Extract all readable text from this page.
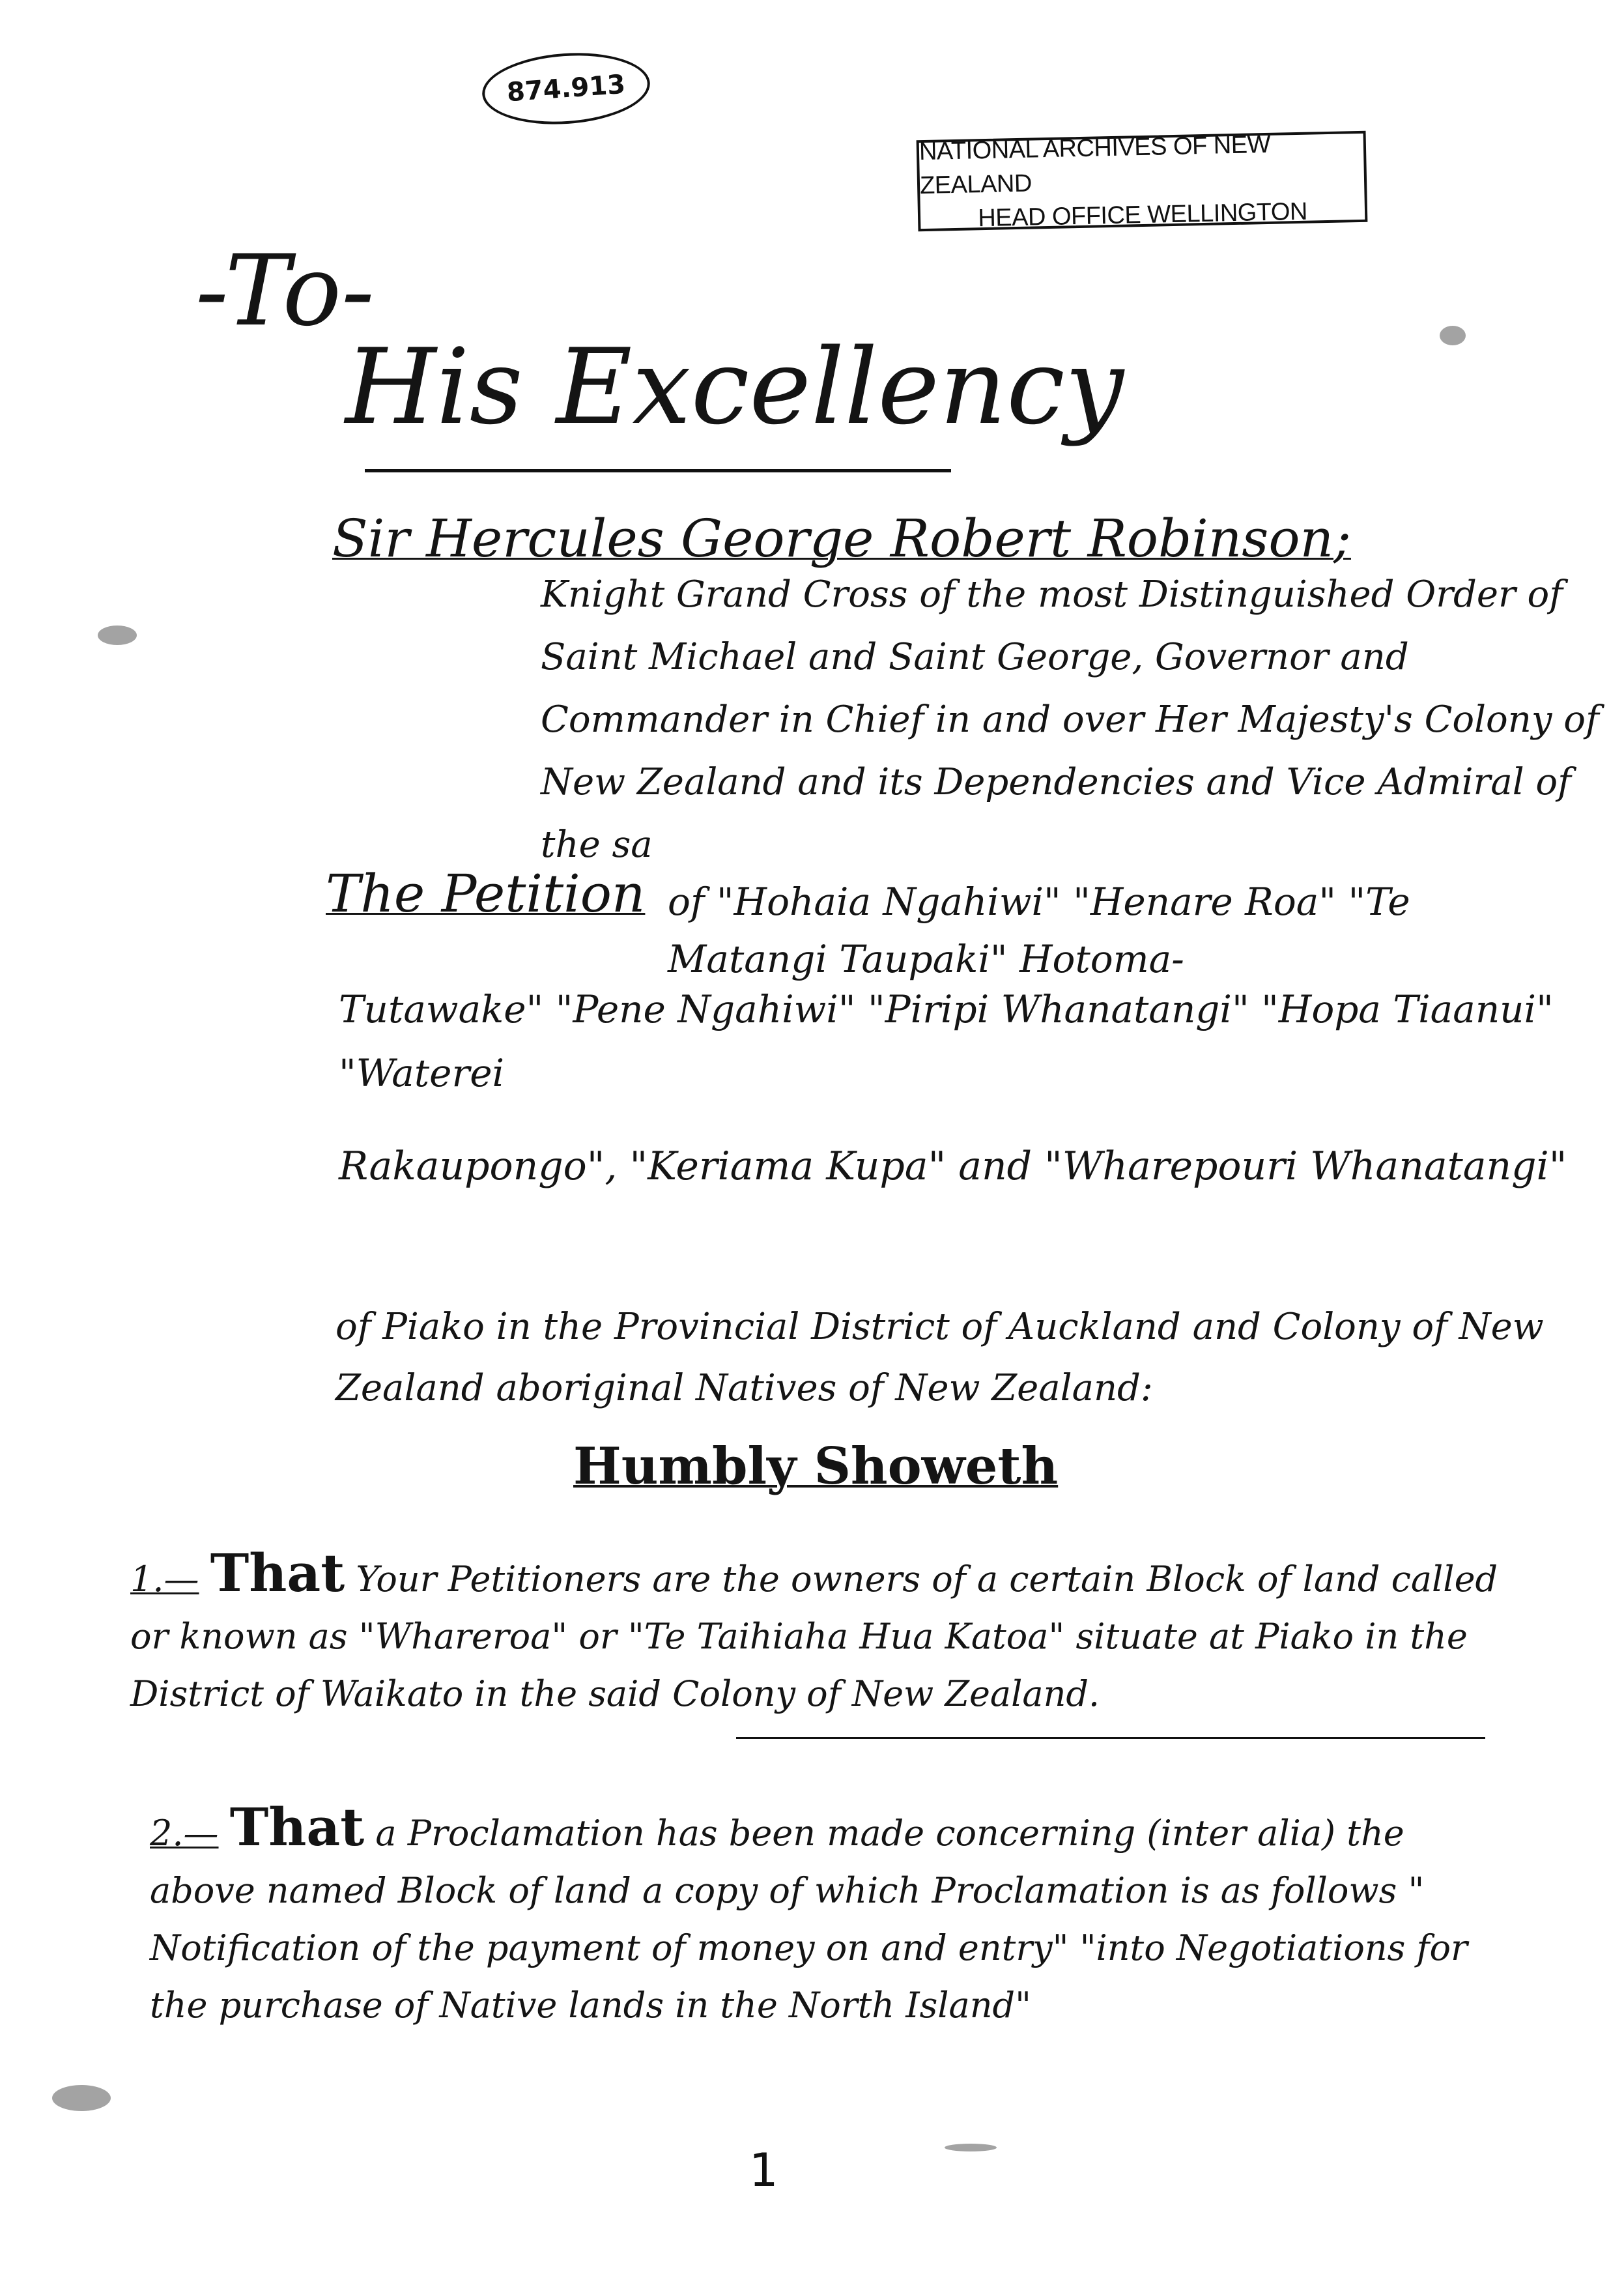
874.913
NATIONAL ARCHIVES OF NEW ZEALAND
HEAD OFFICE WELLINGTON
-To-
His Excellency
Sir Hercules George Robert Robinson;
Knight Grand Cross of the most Distinguished Order of Saint Michael and Saint George, Governor and Commander in Chief in and over Her Majesty's Colony of New Zealand and its Dependencies and Vice Admiral of the sa
The Petition of "Hohaia Ngahiwi" "Henare Roa" "Te Matangi Taupaki" Hotoma-
Tutawake" "Pene Ngahiwi" "Piripi Whanatangi" "Hopa Tiaanui" "Waterei
Rakaupongo", "Keriama Kupa" and "Wharepouri Whanatangi"
of Piako in the Provincial District of Auckland and Colony of New Zealand aboriginal Natives of New Zealand:
Humbly Showeth
1.— That Your Petitioners are the owners of a certain Block of land called or known as "Whareroa" or "Te Taihiaha Hua Katoa" situate at Piako in the District of Waikato in the said Colony of New Zealand.
2.— That a Proclamation has been made concerning (inter alia) the above named Block of land a copy of which Proclamation is as follows " Notification of the payment of money on and entry" "into Negotiations for the purchase of Native lands in the North Island"
1
